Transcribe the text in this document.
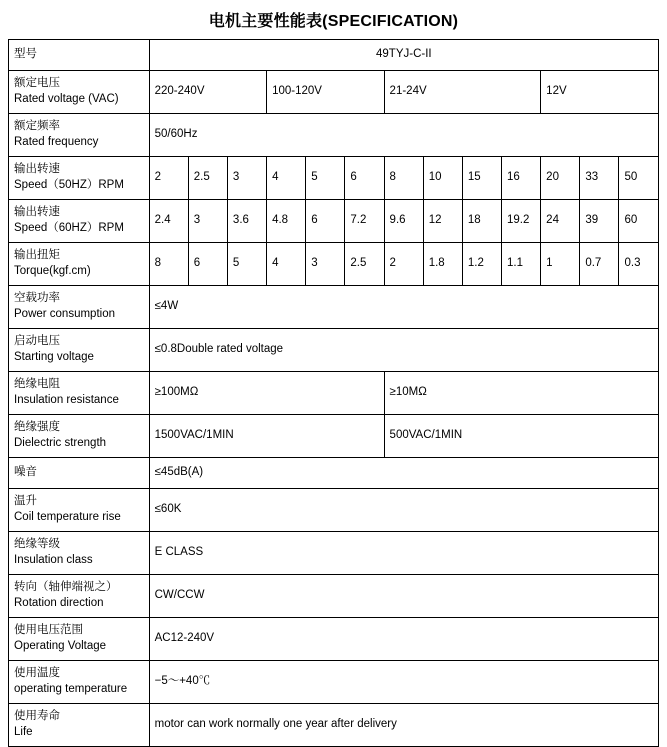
电机主要性能表(SPECIFICATION)
型号	49TYJ-C-II												

额定电压
Rated voltage (VAC)	220-240V			100-120V			21-24V				12V		

额定频率
Rated frequency	50/60Hz												

输出转速
Speed（50HZ）RPM	2	2.5	3	4	5	6	8	10	15	16	20	33	50

输出转速
Speed（60HZ）RPM	2.4	3	3.6	4.8	6	7.2	9.6	12	18	19.2	24	39	60

输出扭矩
Torque(kgf.cm)	8	6	5	4	3	2.5	2	1.8	1.2	1.1	1	0.7	0.3

空载功率
Power consumption	≤4W												

启动电压
Starting voltage	≤0.8Double rated voltage												

绝缘电阻
Insulation resistance	≥100MΩ						≥10MΩ						

绝缘强度
Dielectric strength	1500VAC/1MIN						500VAC/1MIN						

噪音	≤45dB(A)												

温升
Coil temperature rise	≤60K												

绝缘等级
Insulation class	E CLASS												

转向（轴伸端视之）
Rotation direction	CW/CCW												

使用电压范围
Operating Voltage	AC12-240V												

使用温度
operating temperature	−5～+40℃												

使用寿命
Life	motor can work normally one year after delivery												
